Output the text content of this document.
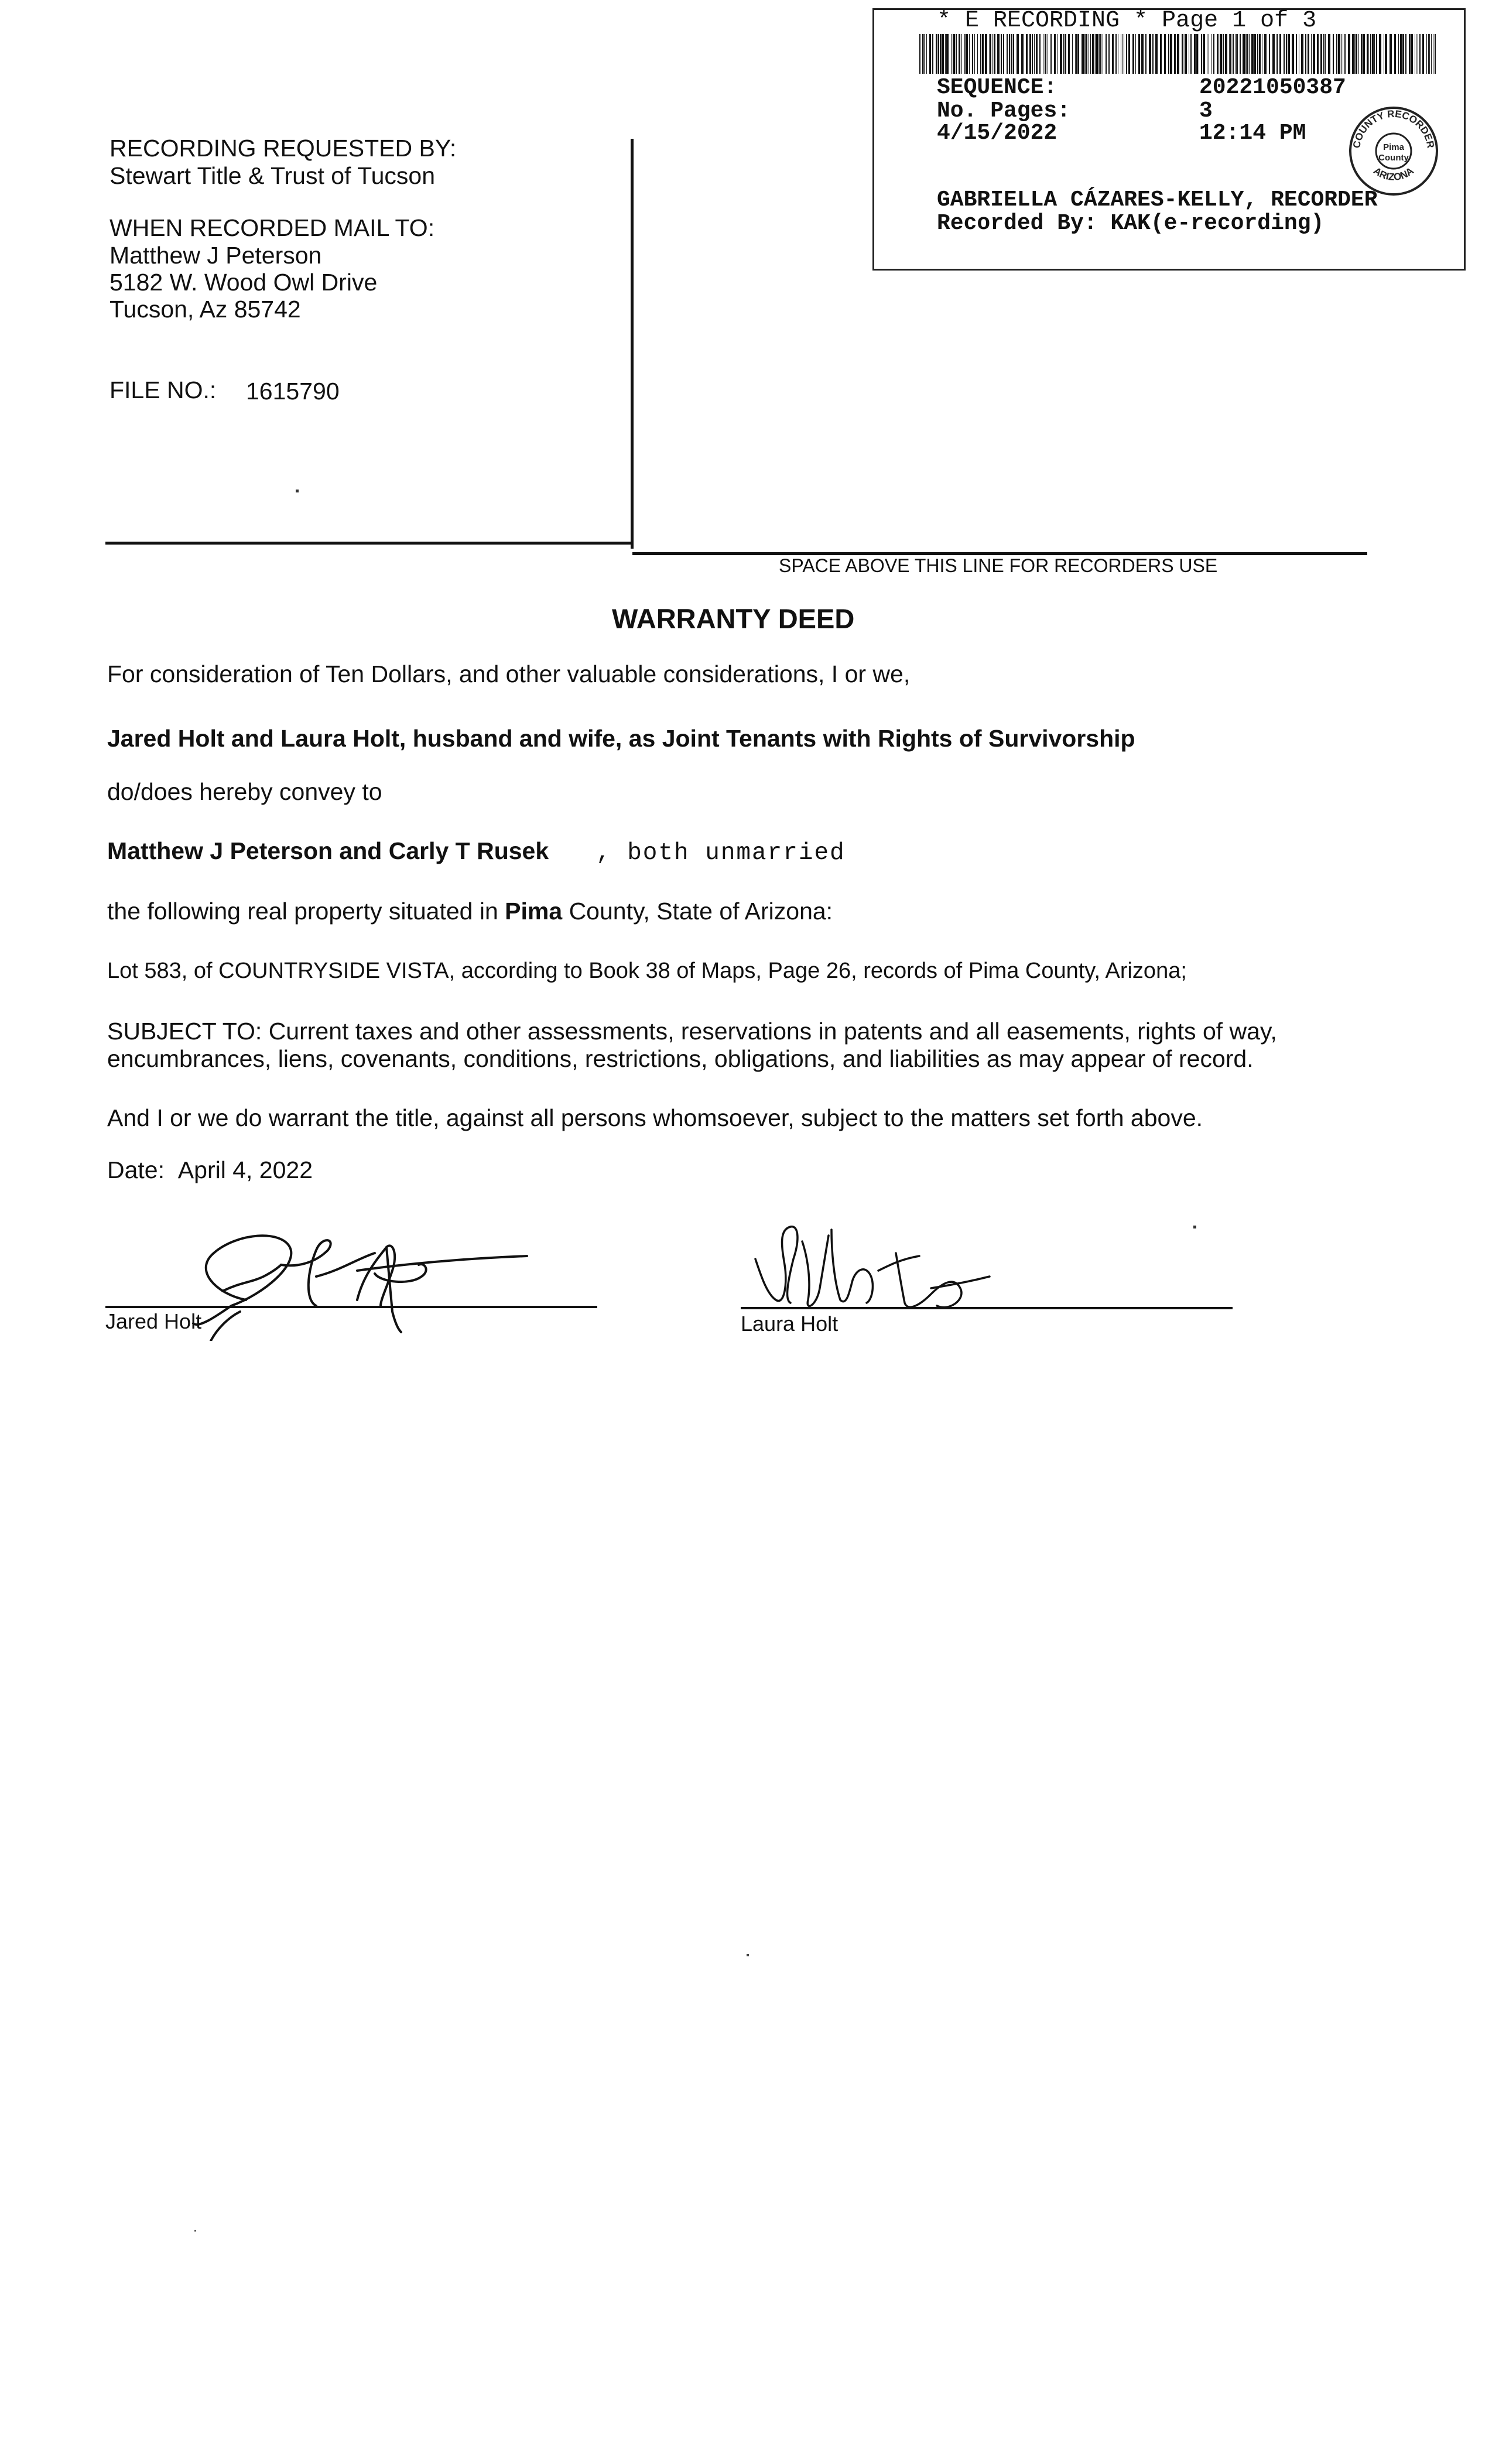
* E RECORDING * Page 1 of 3
SEQUENCE:	20221050387
No. Pages:	3
4/15/2022	12:14 PM	COUNTY RECORDER
ARIZONA
Pima
County
GABRIELLA CÁZARES-KELLY, RECORDER
Recorded By: KAK(e-recording)
RECORDING REQUESTED BY:
Stewart Title & Trust of Tucson
WHEN RECORDED MAIL TO:
Matthew J Peterson
5182 W. Wood Owl Drive
Tucson, Az 85742
FILE NO.: 1615790
SPACE ABOVE THIS LINE FOR RECORDERS USE
WARRANTY DEED
For consideration of Ten Dollars, and other valuable considerations, I or we,
Jared Holt and Laura Holt, husband and wife, as Joint Tenants with Rights of Survivorship
do/does hereby convey to
Matthew J Peterson and Carly T Rusek , both unmarried
the following real property situated in Pima County, State of Arizona:
Lot 583, of COUNTRYSIDE VISTA, according to Book 38 of Maps, Page 26, records of Pima County, Arizona;
SUBJECT TO: Current taxes and other assessments, reservations in patents and all easements, rights of way,
encumbrances, liens, covenants, conditions, restrictions, obligations, and liabilities as may appear of record.
And I or we do warrant the title, against all persons whomsoever, subject to the matters set forth above.
Date: April 4, 2022
Jared Holt	Laura Holt
